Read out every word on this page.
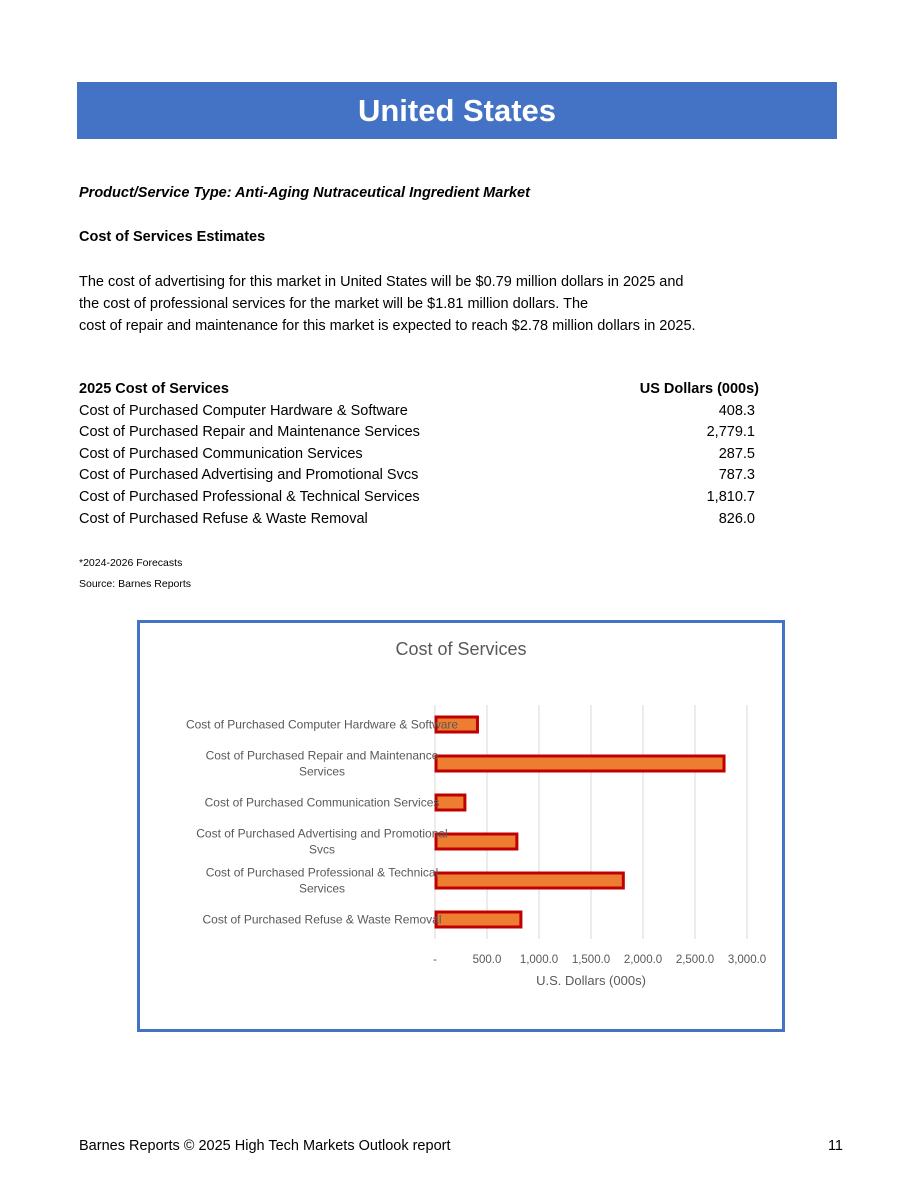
United States
Product/Service Type: Anti-Aging Nutraceutical Ingredient Market
Cost of Services Estimates
The cost of advertising for this market in United States will be $0.79 million dollars in 2025 and
the cost of professional services for the market will be $1.81 million dollars. The
cost of repair and maintenance for this market is expected to reach $2.78 million dollars in 2025.
2025 Cost of Services	US Dollars (000s)
Cost of Purchased Computer Hardware & Software	408.3
Cost of Purchased Repair and Maintenance Services	2,779.1
Cost of Purchased Communication Services	287.5
Cost of Purchased Advertising and Promotional Svcs	787.3
Cost of Purchased Professional & Technical Services	1,810.7
Cost of Purchased Refuse & Waste Removal	826.0
*2024-2026 Forecasts
Source: Barnes Reports
Cost of Services
-	500.0 1,000.0 1,500.0 2,000.0 2,500.0 3,000.0
U.S. Dollars (000s)
Cost of Purchased Computer Hardware & Software
Cost of Purchased Repair and Maintenance
Services
Cost of Purchased Communication Services
Cost of Purchased Advertising and Promotional
Svcs
Cost of Purchased Professional & Technical
Services
Cost of Purchased Refuse & Waste Removal
Barnes Reports © 2025 High Tech Markets Outlook report	11
